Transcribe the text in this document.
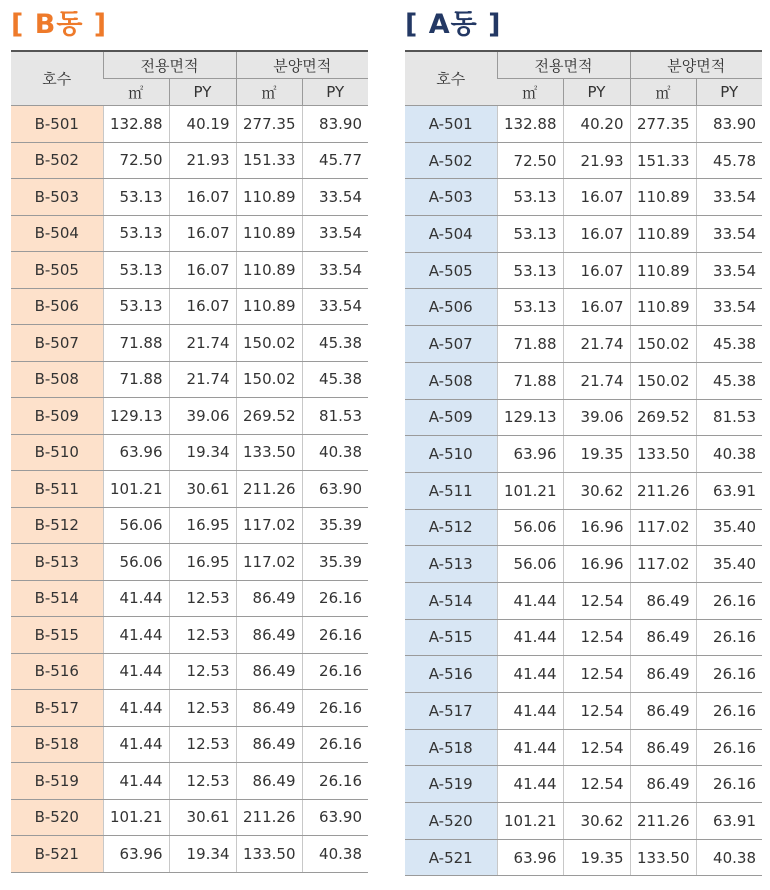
[ B동 ]
호수	전용면적		분양면적	
	㎡	PY	㎡	PY
B-501	132.88	40.19	277.35	83.90
B-502	72.50	21.93	151.33	45.77
B-503	53.13	16.07	110.89	33.54
B-504	53.13	16.07	110.89	33.54
B-505	53.13	16.07	110.89	33.54
B-506	53.13	16.07	110.89	33.54
B-507	71.88	21.74	150.02	45.38
B-508	71.88	21.74	150.02	45.38
B-509	129.13	39.06	269.52	81.53
B-510	63.96	19.34	133.50	40.38
B-511	101.21	30.61	211.26	63.90
B-512	56.06	16.95	117.02	35.39
B-513	56.06	16.95	117.02	35.39
B-514	41.44	12.53	86.49	26.16
B-515	41.44	12.53	86.49	26.16
B-516	41.44	12.53	86.49	26.16
B-517	41.44	12.53	86.49	26.16
B-518	41.44	12.53	86.49	26.16
B-519	41.44	12.53	86.49	26.16
B-520	101.21	30.61	211.26	63.90
B-521	63.96	19.34	133.50	40.38
[ A동 ]
호수	전용면적		분양면적	
	㎡	PY	㎡	PY
A-501	132.88	40.20	277.35	83.90
A-502	72.50	21.93	151.33	45.78
A-503	53.13	16.07	110.89	33.54
A-504	53.13	16.07	110.89	33.54
A-505	53.13	16.07	110.89	33.54
A-506	53.13	16.07	110.89	33.54
A-507	71.88	21.74	150.02	45.38
A-508	71.88	21.74	150.02	45.38
A-509	129.13	39.06	269.52	81.53
A-510	63.96	19.35	133.50	40.38
A-511	101.21	30.62	211.26	63.91
A-512	56.06	16.96	117.02	35.40
A-513	56.06	16.96	117.02	35.40
A-514	41.44	12.54	86.49	26.16
A-515	41.44	12.54	86.49	26.16
A-516	41.44	12.54	86.49	26.16
A-517	41.44	12.54	86.49	26.16
A-518	41.44	12.54	86.49	26.16
A-519	41.44	12.54	86.49	26.16
A-520	101.21	30.62	211.26	63.91
A-521	63.96	19.35	133.50	40.38
